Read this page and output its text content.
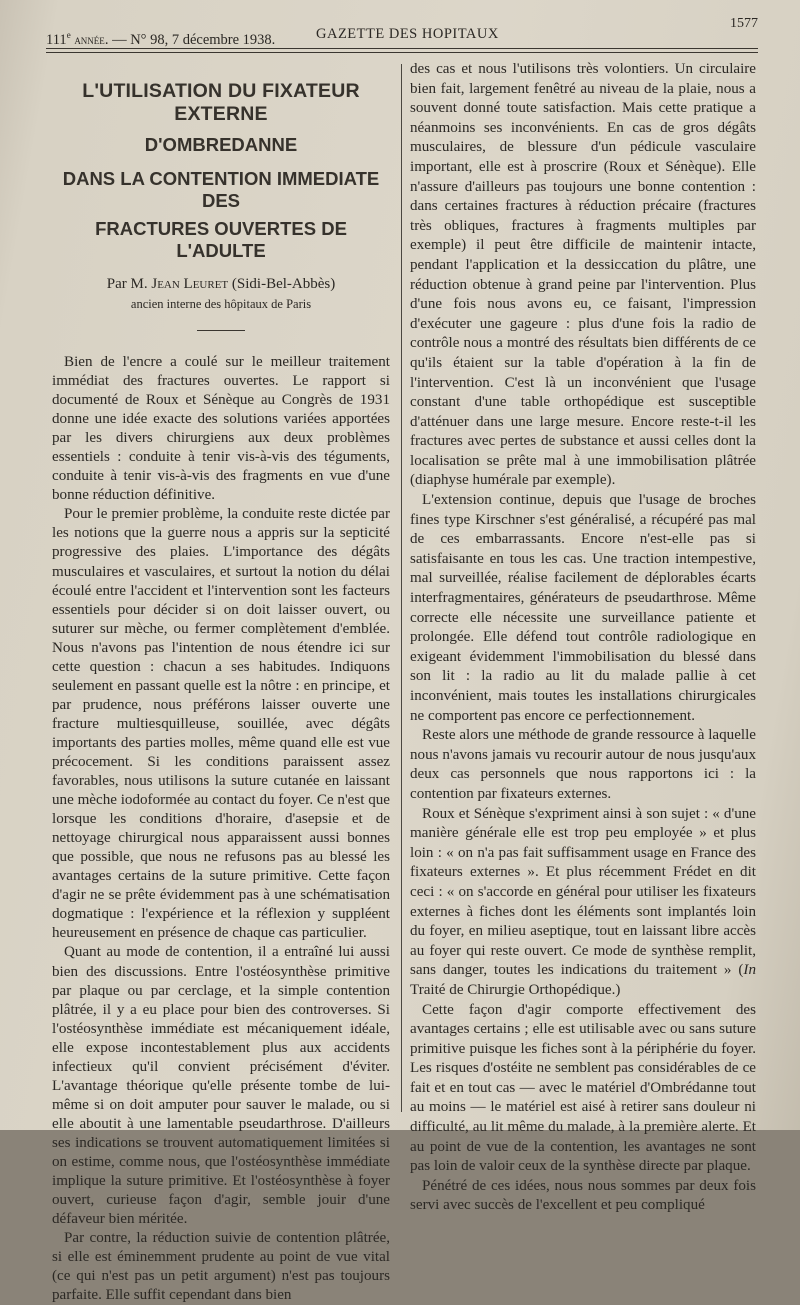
111e année. — N° 98, 7 décembre 1938.	GAZETTE DES HOPITAUX
1577
L'UTILISATION DU FIXATEUR EXTERNE
D'OMBREDANNE
DANS LA CONTENTION IMMEDIATE DES
FRACTURES OUVERTES DE L'ADULTE
Par M. Jean Leuret (Sidi-Bel-Abbès)
ancien interne des hôpitaux de Paris

Bien de l'encre a coulé sur le meilleur traitement immédiat des fractures ouvertes. Le rapport si documenté de Roux et Sénèque au Congrès de 1931 donne une idée exacte des solutions variées apportées par les divers chirurgiens aux deux problèmes essentiels : conduite à tenir vis-à-vis des téguments, conduite à tenir vis-à-vis des fragments en vue d'une bonne réduction définitive.

Pour le premier problème, la conduite reste dictée par les notions que la guerre nous a appris sur la septicité progressive des plaies. L'importance des dégâts musculaires et vasculaires, et surtout la notion du délai écoulé entre l'accident et l'intervention sont les facteurs essentiels pour décider si on doit laisser ouvert, ou suturer sur mèche, ou fermer complètement d'emblée. Nous n'avons pas l'intention de nous étendre ici sur cette question : chacun a ses habitudes. Indiquons seulement en passant quelle est la nôtre : en principe, et par prudence, nous préférons laisser ouverte une fracture multiesquilleuse, souillée, avec dégâts importants des parties molles, même quand elle est vue précocement. Si les conditions paraissent assez favorables, nous utilisons la suture cutanée en laissant une mèche iodoformée au contact du foyer. Ce n'est que lorsque les conditions d'horaire, d'asepsie et de nettoyage chirurgical nous apparaissent aussi bonnes que possible, que nous ne refusons pas au blessé les avantages certains de la suture primitive. Cette façon d'agir ne se prête évidemment pas à une schématisation dogmatique : l'expérience et la réflexion y suppléent heureusement en présence de chaque cas particulier.

Quant au mode de contention, il a entraîné lui aussi bien des discussions. Entre l'ostéosynthèse primitive par plaque ou par cerclage, et la simple contention plâtrée, il y a eu place pour bien des controverses. Si l'ostéosynthèse immédiate est mécaniquement idéale, elle expose incontestablement plus aux accidents infectieux qu'il convient précisément d'éviter. L'avantage théorique qu'elle présente tombe de lui-même si on doit amputer pour sauver le malade, ou si elle aboutit à une lamentable pseudarthrose. D'ailleurs ses indications se trouvent automatiquement limitées si on estime, comme nous, que l'ostéosynthèse immédiate implique la suture primitive. Et l'ostéosynthèse à foyer ouvert, curieuse façon d'agir, semble jouir d'une défaveur bien méritée.

Par contre, la réduction suivie de contention plâtrée, si elle est éminemment prudente au point de vue vital (ce qui n'est pas un petit argument) n'est pas toujours parfaite. Elle suffit cependant dans bien

des cas et nous l'utilisons très volontiers. Un circulaire bien fait, largement fenêtré au niveau de la plaie, nous a souvent donné toute satisfaction. Mais cette pratique a néanmoins ses inconvénients. En cas de gros dégâts musculaires, de blessure d'un pédicule vasculaire important, elle est à proscrire (Roux et Sénèque). Elle n'assure d'ailleurs pas toujours une bonne contention : dans certaines fractures à réduction précaire (fractures très obliques, fractures à fragments multiples par exemple) il peut être difficile de maintenir intacte, pendant l'application et la dessiccation du plâtre, une réduction obtenue à grand peine par l'intervention. Plus d'une fois nous avons eu, ce faisant, l'impression d'exécuter une gageure : plus d'une fois la radio de contrôle nous a montré des résultats bien différents de ce qu'ils étaient sur la table d'opération à la fin de l'intervention. C'est là un inconvénient que l'usage constant d'une table orthopédique est susceptible d'atténuer dans une large mesure. Encore reste-t-il les fractures avec pertes de substance et aussi celles dont la localisation se prête mal à une immobilisation plâtrée (diaphyse humérale par exemple).

L'extension continue, depuis que l'usage de broches fines type Kirschner s'est généralisé, a récupéré pas mal de ces embarrassants. Encore n'est-elle pas si satisfaisante en tous les cas. Une traction intempestive, mal surveillée, réalise facilement de déplorables écarts interfragmentaires, générateurs de pseudarthrose. Même correcte elle nécessite une surveillance patiente et prolongée. Elle défend tout contrôle radiologique en exigeant évidemment l'immobilisation du blessé dans son lit : la radio au lit du malade pallie à cet inconvénient, mais toutes les installations chirurgicales ne comportent pas encore ce perfectionnement.

Reste alors une méthode de grande ressource à laquelle nous n'avons jamais vu recourir autour de nous jusqu'aux deux cas personnels que nous rapportons ici : la contention par fixateurs externes.

Roux et Sénèque s'expriment ainsi à son sujet : « d'une manière générale elle est trop peu employée » et plus loin : « on n'a pas fait suffisamment usage en France des fixateurs externes ». Et plus récemment Frédet en dit ceci : « on s'accorde en général pour utiliser les fixateurs externes à fiches dont les éléments sont implantés loin du foyer, en milieu aseptique, tout en laissant libre accès au foyer qui reste ouvert. Ce mode de synthèse remplit, sans danger, toutes les indications du traitement » (In Traité de Chirurgie Orthopédique.)

Cette façon d'agir comporte effectivement des avantages certains ; elle est utilisable avec ou sans suture primitive puisque les fiches sont à la périphérie du foyer. Les risques d'ostéite ne semblent pas considérables de ce fait et en tout cas — avec le matériel d'Ombrédanne tout au moins — le matériel est aisé à retirer sans douleur ni difficulté, au lit même du malade, à la première alerte. Et au point de vue de la contention, les avantages ne sont pas loin de valoir ceux de la synthèse directe par plaque.

Pénétré de ces idées, nous nous sommes par deux fois servi avec succès de l'excellent et peu compliqué
